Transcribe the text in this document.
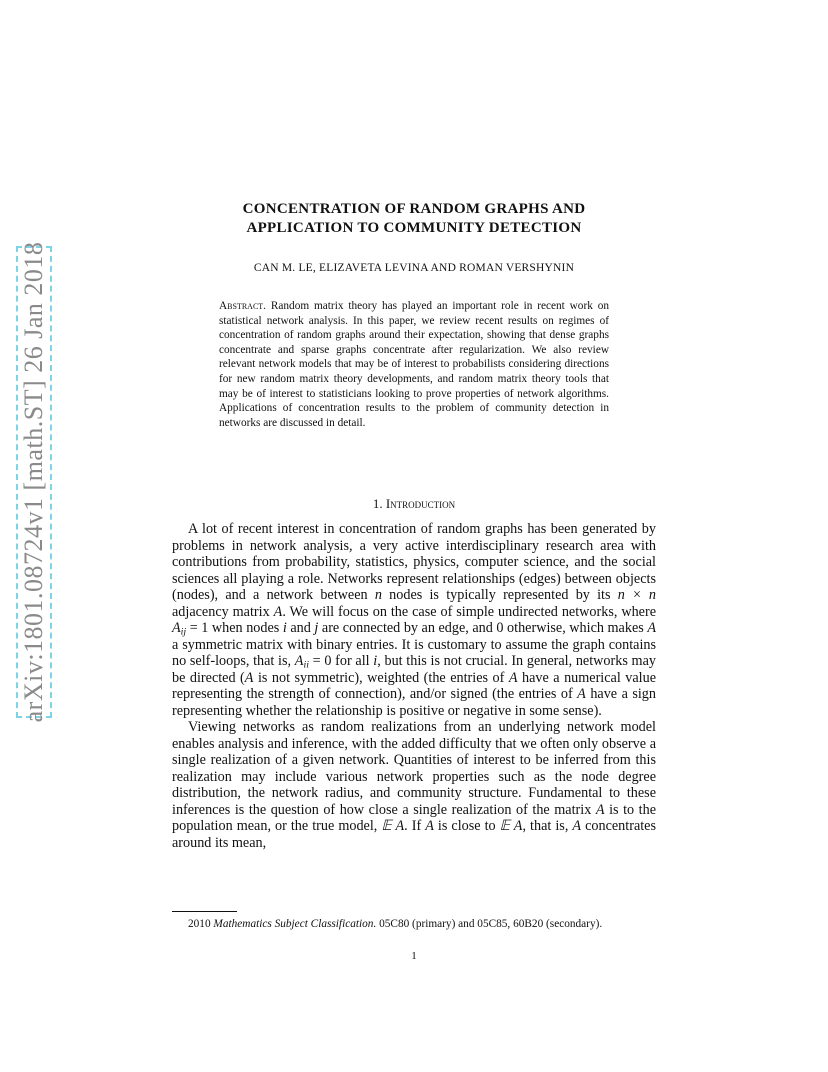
arXiv:1801.08724v1 [math.ST] 26 Jan 2018
CONCENTRATION OF RANDOM GRAPHS AND
APPLICATION TO COMMUNITY DETECTION
CAN M. LE, ELIZAVETA LEVINA AND ROMAN VERSHYNIN
Abstract. Random matrix theory has played an important role in recent work on statistical network analysis. In this paper, we review recent results on regimes of concentration of random graphs around their expectation, showing that dense graphs concentrate and sparse graphs concentrate after regularization. We also review relevant network models that may be of interest to probabilists considering directions for new random matrix theory developments, and random matrix theory tools that may be of interest to statisticians looking to prove properties of network algorithms. Applications of concentration results to the problem of community detection in networks are discussed in detail.
1. Introduction

A lot of recent interest in concentration of random graphs has been generated by problems in network analysis, a very active interdisciplinary research area with contributions from probability, statistics, physics, computer science, and the social sciences all playing a role. Networks represent relationships (edges) between objects (nodes), and a network between n nodes is typically represented by its n × n adjacency matrix A. We will focus on the case of simple undirected networks, where $A_{ij} = 1$ when nodes i and j are connected by an edge, and 0 otherwise, which makes A a symmetric matrix with binary entries. It is customary to assume the graph contains no self-loops, that is, $A_{ii} = 0$ for all i, but this is not crucial. In general, networks may be directed (A is not symmetric), weighted (the entries of A have a numerical value representing the strength of connection), and/or signed (the entries of A have a sign representing whether the relationship is positive or negative in some sense).

Viewing networks as random realizations from an underlying network model enables analysis and inference, with the added difficulty that we often only observe a single realization of a given network. Quantities of interest to be inferred from this realization may include various network properties such as the node degree distribution, the network radius, and community structure. Fundamental to these inferences is the question of how close a single realization of the matrix A is to the population mean, or the true model, 𝔼 A. If A is close to 𝔼 A, that is, A concentrates around its mean,

2010 Mathematics Subject Classification. 05C80 (primary) and 05C85, 60B20 (secondary).
1
